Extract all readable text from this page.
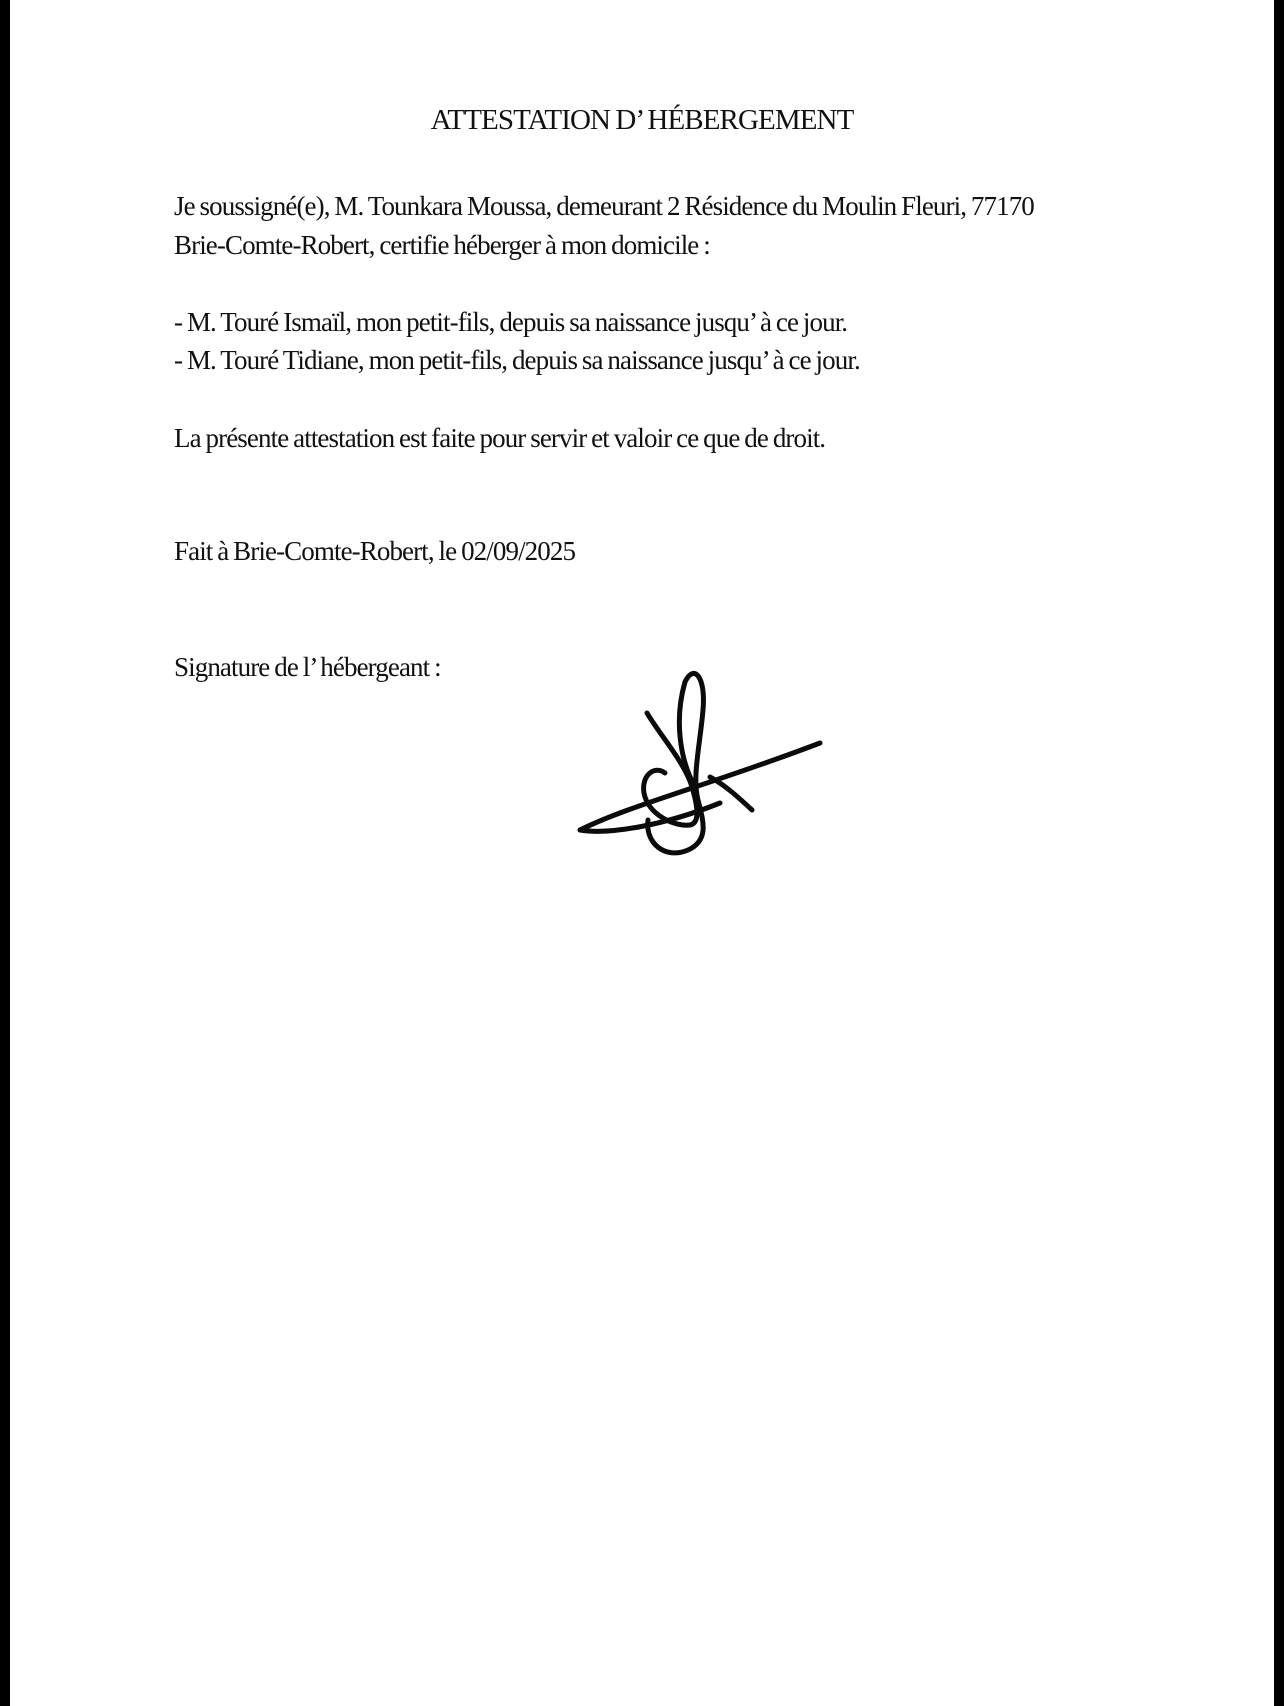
ATTESTATION D’ HÉBERGEMENT
Je soussigné(e), M. Tounkara Moussa, demeurant 2 Résidence du Moulin Fleuri, 77170
Brie-Comte-Robert, certifie héberger à mon domicile :
- M. Touré Ismaïl, mon petit-fils, depuis sa naissance jusqu’ à ce jour.
- M. Touré Tidiane, mon petit-fils, depuis sa naissance jusqu’ à ce jour.
La présente attestation est faite pour servir et valoir ce que de droit.
Fait à Brie-Comte-Robert, le 02/09/2025
Signature de l’ hébergeant :
